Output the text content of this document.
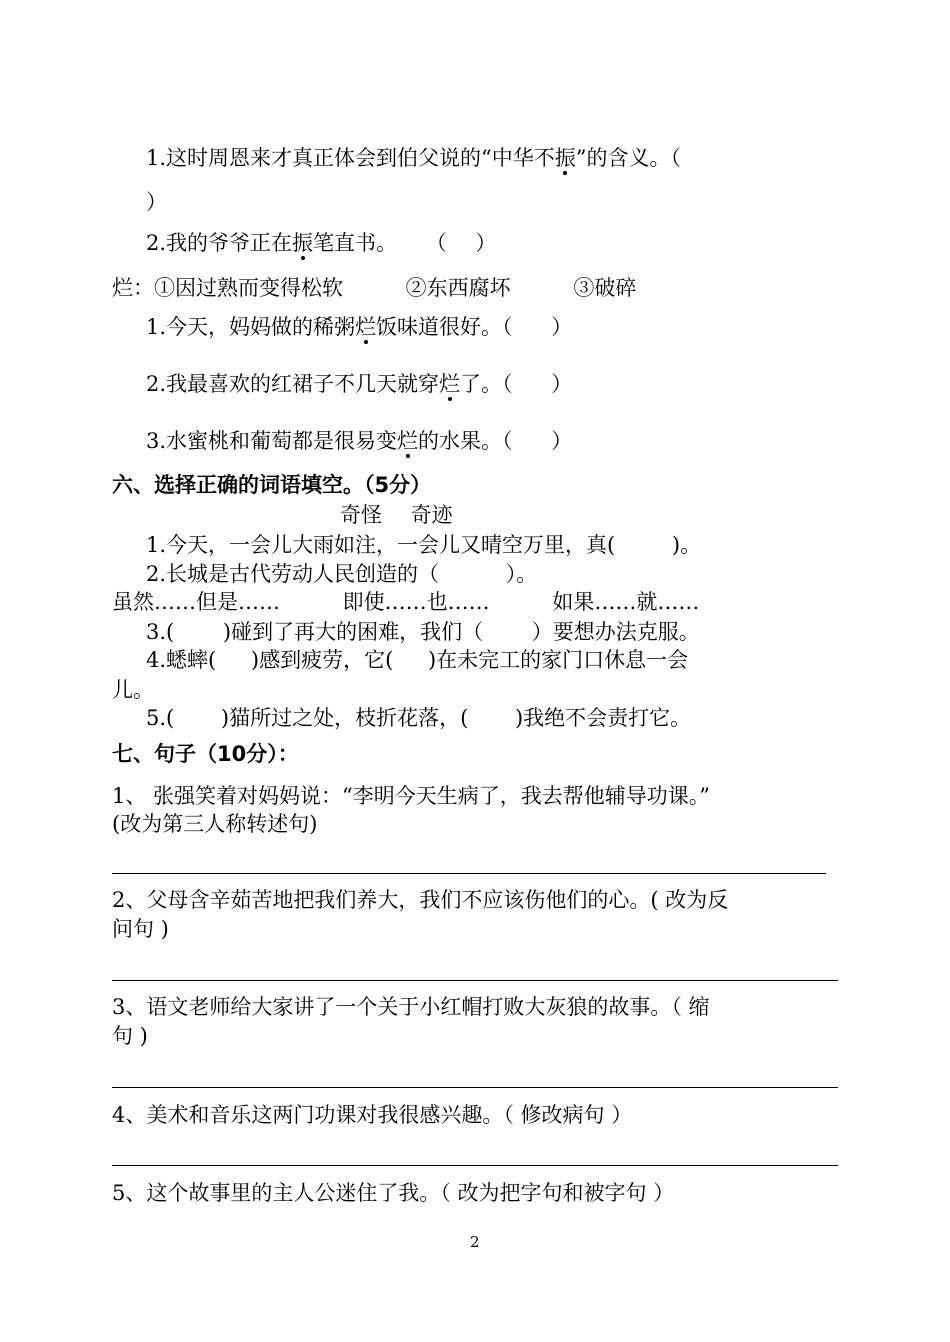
1.这时周恩来才真正体会到伯父说的“中华不振”的含义。（
）
2.我的爷爷正在振笔直书。 （ ）
烂：①因过熟而变得松软 ②东西腐坏 ③破碎
1.今天，妈妈做的稀粥烂饭味道很好。（ ）
2.我最喜欢的红裙子不几天就穿烂了。（ ）
3.水蜜桃和葡萄都是很易变烂的水果。（ ）
六、选择正确的词语填空。（5分）
奇怪 奇迹
1.今天，一会儿大雨如注，一会儿又晴空万里，真( )。
2.长城是古代劳动人民创造的（ ）。
虽然……但是…… 即使……也…… 如果……就……
3.( )碰到了再大的困难，我们（ ）要想办法克服。
4.蟋蟀( )感到疲劳，它( )在未完工的家门口休息一会
儿。
5.( )猫所过之处，枝折花落，( )我绝不会责打它。
七、句子（10分）：
1、 张强笑着对妈妈说：“李明今天生病了，我去帮他辅导功课。”
(改为第三人称转述句)
2、父母含辛茹苦地把我们养大，我们不应该伤他们的心。( 改为反
问句 )
3、语文老师给大家讲了一个关于小红帽打败大灰狼的故事。（ 缩
句 )
4、美术和音乐这两门功课对我很感兴趣。（ 修改病句 ）
5、这个故事里的主人公迷住了我。（ 改为把字句和被字句 ）
2
